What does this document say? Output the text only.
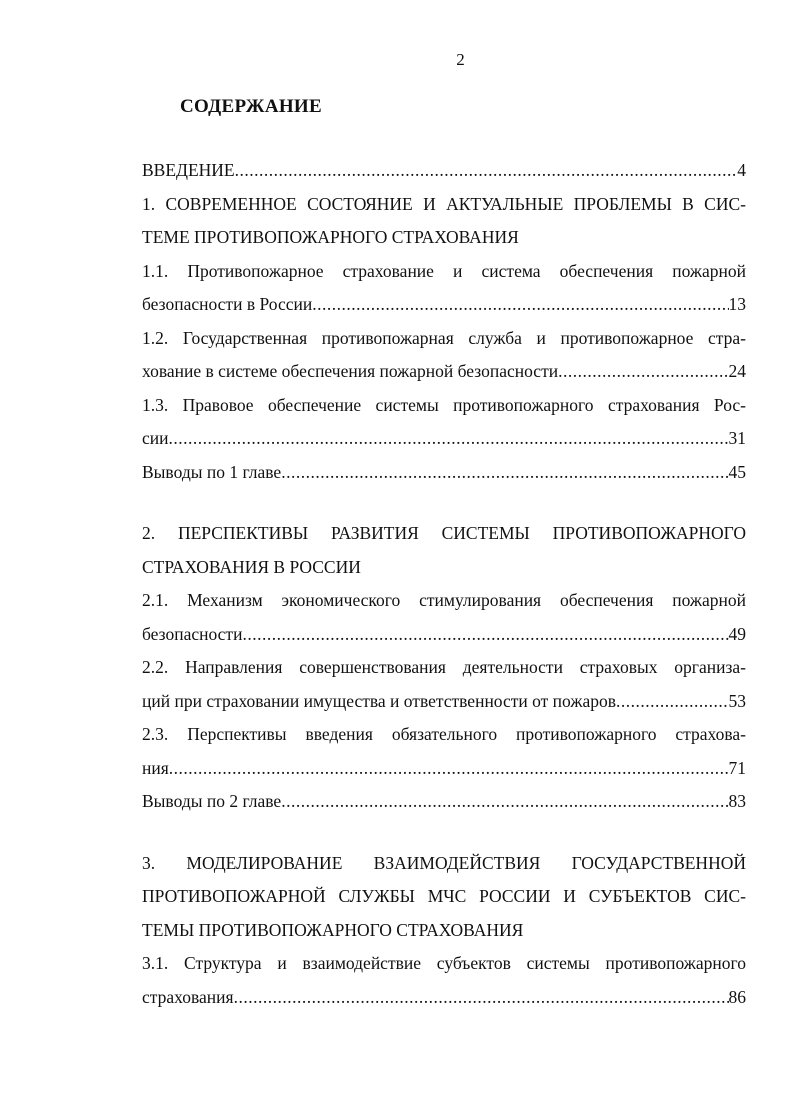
2
СОДЕРЖАНИЕ
ВВЕДЕНИЕ .....	4
1. СОВРЕМЕННОЕ СОСТОЯНИЕ И АКТУАЛЬНЫЕ ПРОБЛЕМЫ В СИС-
ТЕМЕ ПРОТИВОПОЖАРНОГО СТРАХОВАНИЯ
1.1. Противопожарное страхование и система обеспечения пожарной
безопасности в России .....	13
1.2. Государственная противопожарная служба и противопожарное стра-
хование в системе обеспечения пожарной безопасности .....	24
1.3. Правовое обеспечение системы противопожарного страхования Рос-
сии .....	31
Выводы по 1 главе .....	45
2. ПЕРСПЕКТИВЫ РАЗВИТИЯ СИСТЕМЫ ПРОТИВОПОЖАРНОГО
СТРАХОВАНИЯ В РОССИИ
2.1. Механизм экономического стимулирования обеспечения пожарной
безопасности .....	49
2.2. Направления совершенствования деятельности страховых организа-
ций при страховании имущества и ответственности от пожаров .....	53
2.3. Перспективы введения обязательного противопожарного страхова-
ния .....	71
Выводы по 2 главе .....	83
3. МОДЕЛИРОВАНИЕ ВЗАИМОДЕЙСТВИЯ ГОСУДАРСТВЕННОЙ
ПРОТИВОПОЖАРНОЙ СЛУЖБЫ МЧС РОССИИ И СУБЪЕКТОВ СИС-
ТЕМЫ ПРОТИВОПОЖАРНОГО СТРАХОВАНИЯ
3.1. Структура и взаимодействие субъектов системы противопожарного
страхования .....	86
